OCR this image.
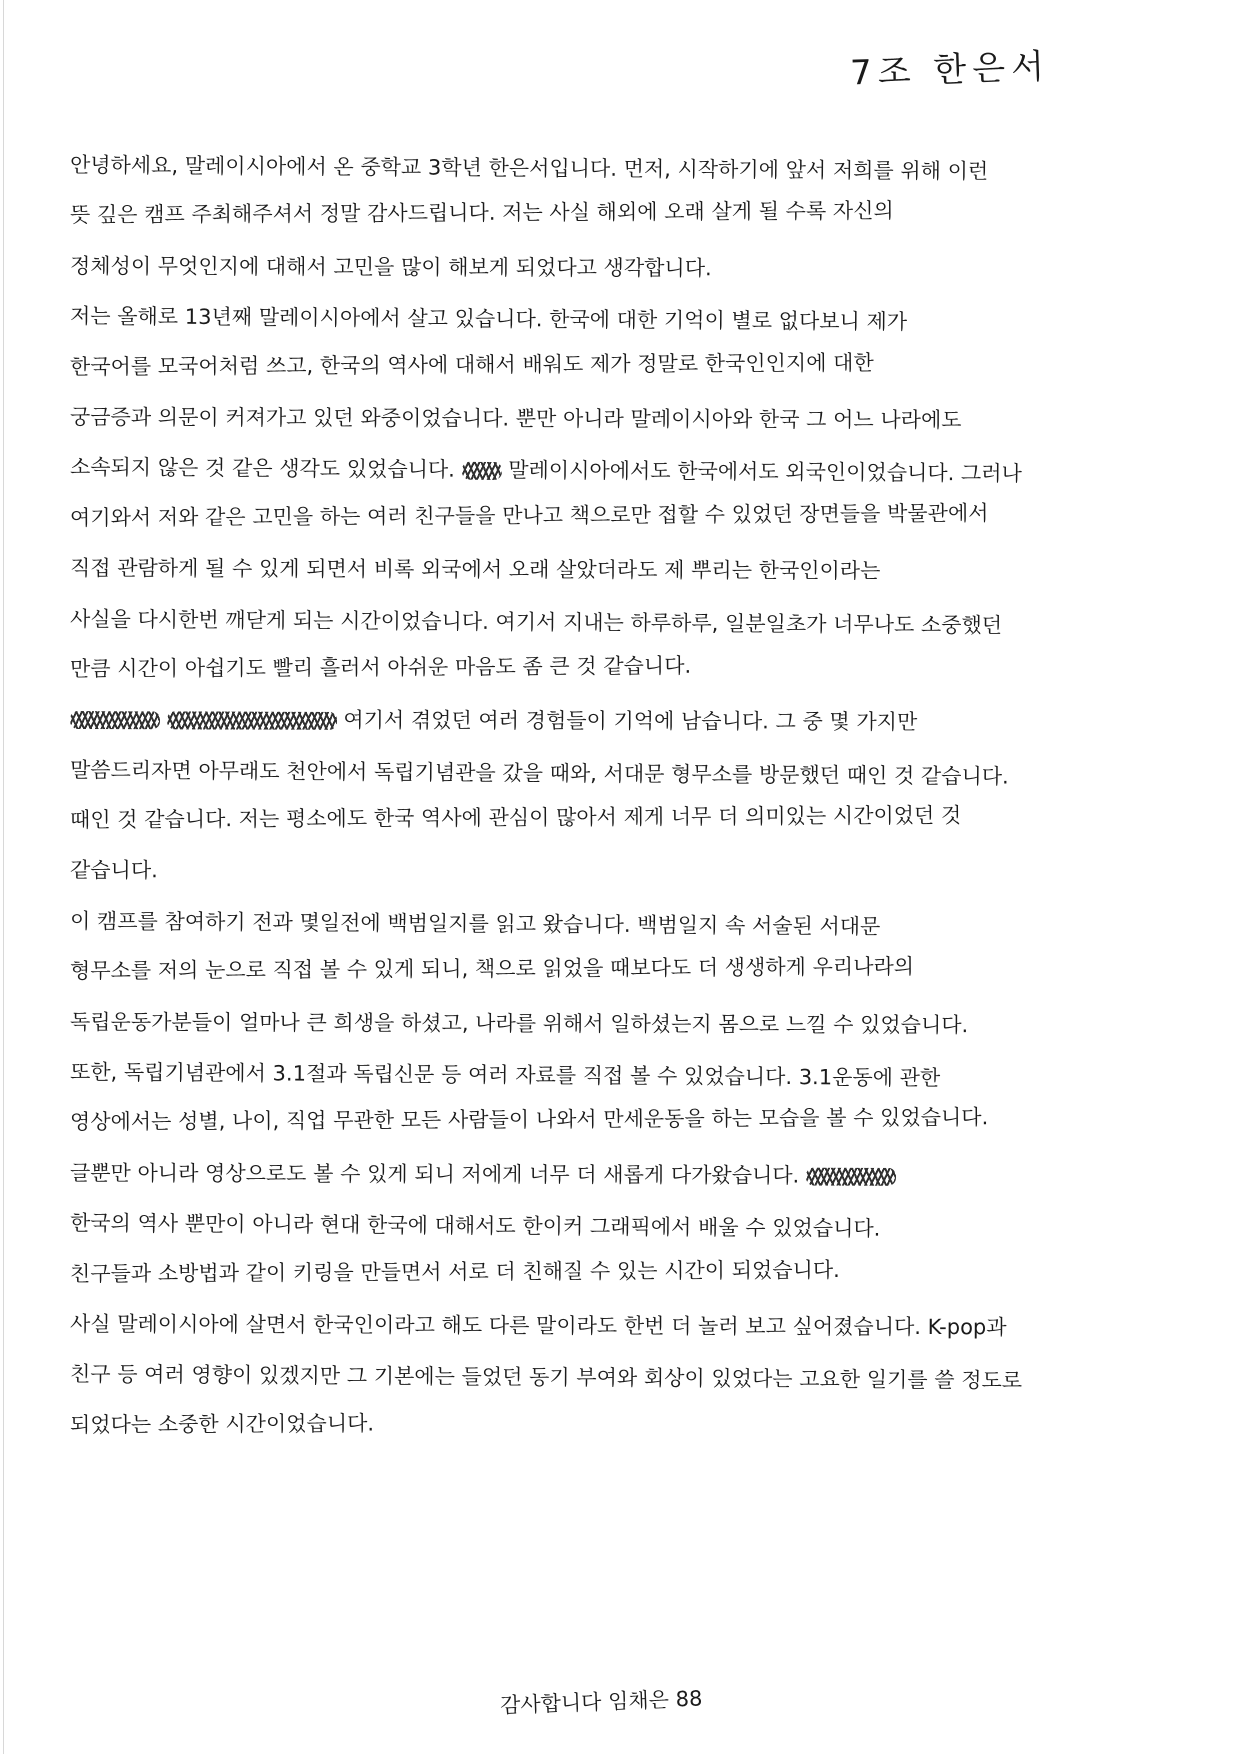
7조 한은서
안녕하세요, 말레이시아에서 온 중학교 3학년 한은서입니다. 먼저, 시작하기에 앞서 저희를 위해 이런
뜻 깊은 캠프 주최해주셔서 정말 감사드립니다. 저는 사실 해외에 오래 살게 될 수록 자신의
정체성이 무엇인지에 대해서 고민을 많이 해보게 되었다고 생각합니다.
저는 올해로 13년째 말레이시아에서 살고 있습니다. 한국에 대한 기억이 별로 없다보니 제가
한국어를 모국어처럼 쓰고, 한국의 역사에 대해서 배워도 제가 정말로 한국인인지에 대한
궁금증과 의문이 커져가고 있던 와중이었습니다. 뿐만 아니라 말레이시아와 한국 그 어느 나라에도
소속되지 않은 것 같은 생각도 있었습니다.	말레이시아에서도 한국에서도 외국인이었습니다. 그러나
여기와서 저와 같은 고민을 하는 여러 친구들을 만나고 책으로만 접할 수 있었던 장면들을 박물관에서
직접 관람하게 될 수 있게 되면서 비록 외국에서 오래 살았더라도 제 뿌리는 한국인이라는
사실을 다시한번 깨닫게 되는 시간이었습니다. 여기서 지내는 하루하루, 일분일초가 너무나도 소중했던
만큼 시간이 아쉽기도 빨리 흘러서 아쉬운 마음도 좀 큰 것 같습니다.
여기서 겪었던 여러 경험들이 기억에 남습니다. 그 중 몇 가지만
말씀드리자면 아무래도 천안에서 독립기념관을 갔을 때와, 서대문 형무소를 방문했던 때인 것 같습니다.
때인 것 같습니다. 저는 평소에도 한국 역사에 관심이 많아서 제게 너무 더 의미있는 시간이었던 것
같습니다.
이 캠프를 참여하기 전과 몇일전에 백범일지를 읽고 왔습니다. 백범일지 속 서술된 서대문
형무소를 저의 눈으로 직접 볼 수 있게 되니, 책으로 읽었을 때보다도 더 생생하게 우리나라의
독립운동가분들이 얼마나 큰 희생을 하셨고, 나라를 위해서 일하셨는지 몸으로 느낄 수 있었습니다.
또한, 독립기념관에서 3.1절과 독립신문 등 여러 자료를 직접 볼 수 있었습니다. 3.1운동에 관한
영상에서는 성별, 나이, 직업 무관한 모든 사람들이 나와서 만세운동을 하는 모습을 볼 수 있었습니다.
글뿐만 아니라 영상으로도 볼 수 있게 되니 저에게 너무 더 새롭게 다가왔습니다.
한국의 역사 뿐만이 아니라 현대 한국에 대해서도 한이커 그래픽에서 배울 수 있었습니다.
친구들과 소방법과 같이 키링을 만들면서 서로 더 친해질 수 있는 시간이 되었습니다.
사실 말레이시아에 살면서 한국인이라고 해도 다른 말이라도 한번 더 놀러 보고 싶어졌습니다. K-pop과
친구 등 여러 영향이 있겠지만 그 기본에는 들었던 동기 부여와 회상이 있었다는 고요한 일기를 쓸 정도로
되었다는 소중한 시간이었습니다.
감사합니다 임채은 88
